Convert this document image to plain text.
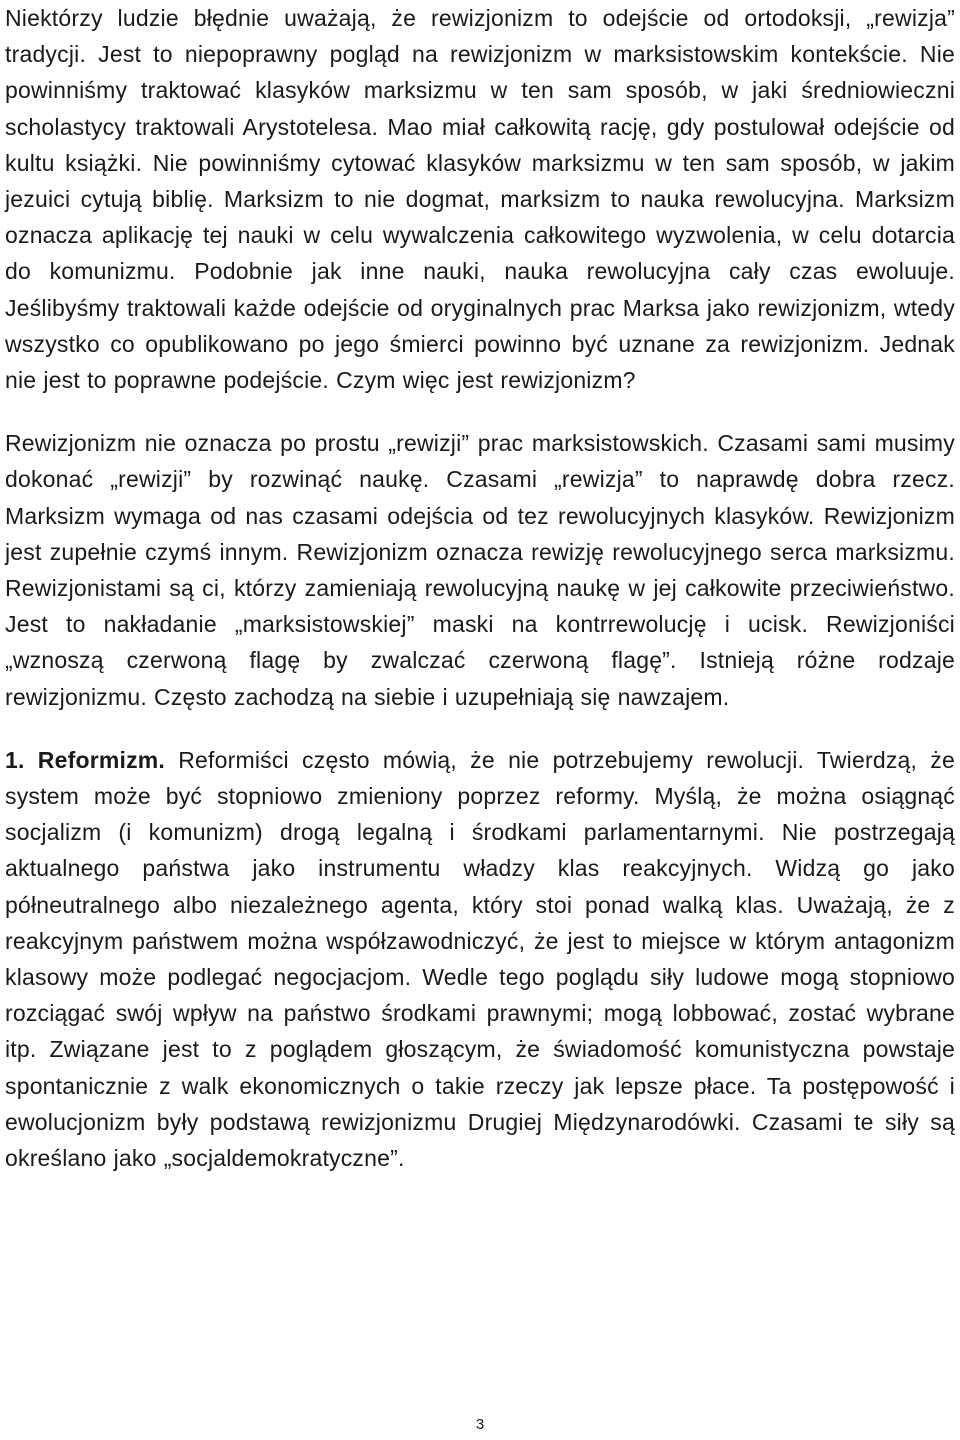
Niektórzy ludzie błędnie uważają, że rewizjonizm to odejście od ortodoksji, „rewizja” tradycji. Jest to niepoprawny pogląd na rewizjonizm w marksistowskim kontekście. Nie powinniśmy traktować klasyków marksizmu w ten sam sposób, w jaki średniowieczni scholastycy traktowali Arystotelesa. Mao miał całkowitą rację, gdy postulował odejście od kultu książki. Nie powinniśmy cytować klasyków marksizmu w ten sam sposób, w jakim jezuici cytują biblię. Marksizm to nie dogmat, marksizm to nauka rewolucyjna. Marksizm oznacza aplikację tej nauki w celu wywalczenia całkowitego wyzwolenia, w celu dotarcia do komunizmu. Podobnie jak inne nauki, nauka rewolucyjna cały czas ewoluuje. Jeślibyśmy traktowali każde odejście od oryginalnych prac Marksa jako rewizjonizm, wtedy wszystko co opublikowano po jego śmierci powinno być uznane za rewizjonizm. Jednak nie jest to poprawne podejście. Czym więc jest rewizjonizm?

Rewizjonizm nie oznacza po prostu „rewizji” prac marksistowskich. Czasami sami musimy dokonać „rewizji” by rozwinąć naukę. Czasami „rewizja” to naprawdę dobra rzecz. Marksizm wymaga od nas czasami odejścia od tez rewolucyjnych klasyków. Rewizjonizm jest zupełnie czymś innym. Rewizjonizm oznacza rewizję rewolucyjnego serca marksizmu. Rewizjonistami są ci, którzy zamieniają rewolucyjną naukę w jej całkowite przeciwieństwo. Jest to nakładanie „marksistowskiej” maski na kontrrewolucję i ucisk. Rewizjoniści „wznoszą czerwoną flagę by zwalczać czerwoną flagę”. Istnieją różne rodzaje rewizjonizmu. Często zachodzą na siebie i uzupełniają się nawzajem.

1. Reformizm. Reformiści często mówią, że nie potrzebujemy rewolucji. Twierdzą, że system może być stopniowo zmieniony poprzez reformy. Myślą, że można osiągnąć socjalizm (i komunizm) drogą legalną i środkami parlamentarnymi. Nie postrzegają aktualnego państwa jako instrumentu władzy klas reakcyjnych. Widzą go jako półneutralnego albo niezależnego agenta, który stoi ponad walką klas. Uważają, że z reakcyjnym państwem można współzawodniczyć, że jest to miejsce w którym antagonizm klasowy może podlegać negocjacjom. Wedle tego poglądu siły ludowe mogą stopniowo rozciągać swój wpływ na państwo środkami prawnymi; mogą lobbować, zostać wybrane itp. Związane jest to z poglądem głoszącym, że świadomość komunistyczna powstaje spontanicznie z walk ekonomicznych o takie rzeczy jak lepsze płace. Ta postępowość i ewolucjonizm były podstawą rewizjonizmu Drugiej Międzynarodówki. Czasami te siły są określano jako „socjaldemokratyczne”.

3
